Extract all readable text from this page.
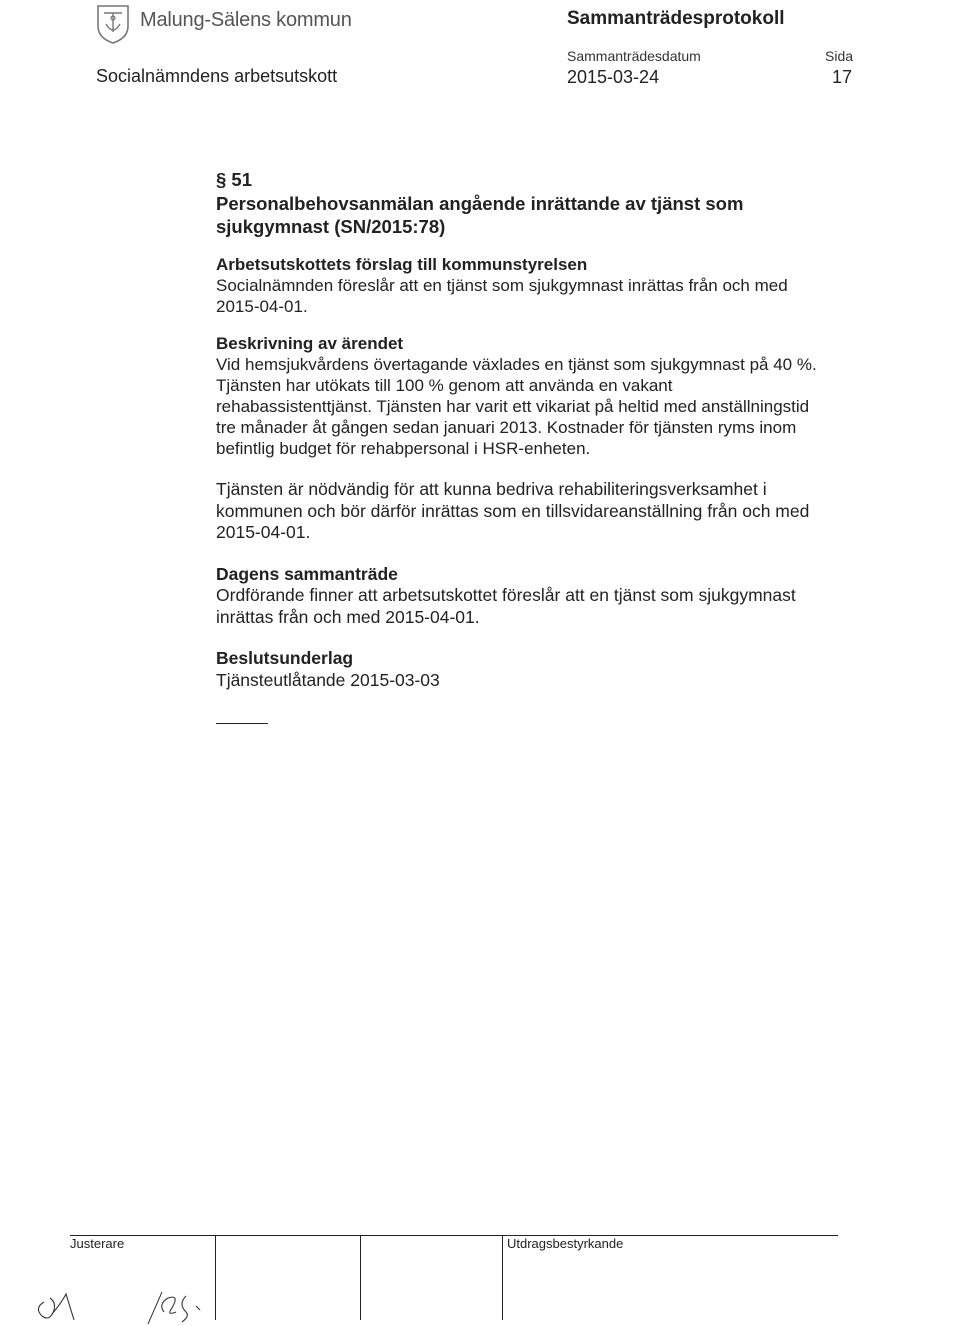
Malung-Sälens kommun	Sammanträdesprotokoll
Socialnämndens arbetsutskott
Sammanträdesdatum
2015-03-24
Sida
17

§ 51

Personalbehovsanmälan angående inrättande av tjänst som sjukgymnast (SN/2015:78)

Arbetsutskottets förslag till kommunstyrelsen

Socialnämnden föreslår att en tjänst som sjukgymnast inrättas från och med 2015-04-01.

Beskrivning av ärendet

Vid hemsjukvårdens övertagande växlades en tjänst som sjukgymnast på 40 %. Tjänsten har utökats till 100 % genom att använda en vakant rehabassistenttjänst. Tjänsten har varit ett vikariat på heltid med anställningstid tre månader åt gången sedan januari 2013. Kostnader för tjänsten ryms inom befintlig budget för rehabpersonal i HSR-enheten.

Tjänsten är nödvändig för att kunna bedriva rehabiliteringsverksamhet i kommunen och bör därför inrättas som en tillsvidareanställning från och med 2015-04-01.

Dagens sammanträde

Ordförande finner att arbetsutskottet föreslår att en tjänst som sjukgymnast inrättas från och med 2015-04-01.

Beslutsunderlag

Tjänsteutlåtande 2015-03-03

Justerare	Utdragsbestyrkande
